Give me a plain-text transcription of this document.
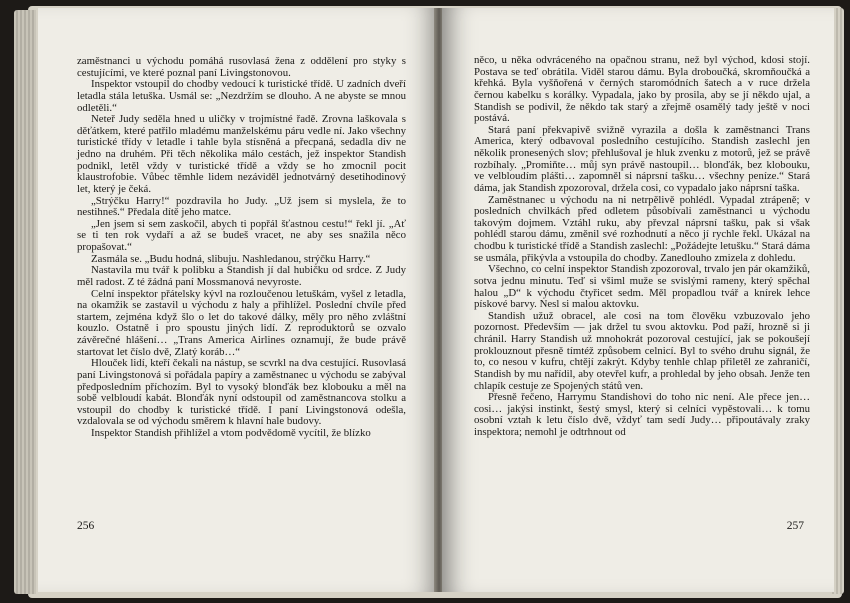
zaměstnanci u východu pomáhá rusovlasá žena z oddělení pro styky s cestujícími, ve které poznal paní Livingstonovou.

Inspektor vstoupil do chodby vedoucí k turistické třídě. U zadních dveří letadla stála letuška. Usmál se: „Nezdržím se dlouho. A ne abyste se mnou odletěli.“

Neteř Judy seděla hned u uličky v trojmístné řadě. Zrovna laškovala s děťátkem, které patřilo mladému manželskému páru vedle ní. Jako všechny turistické třídy v letadle i tahle byla stísněná a přecpaná, sedadla div ne jedno na druhém. Při těch několika málo cestách, jež inspektor Standish podnikl, letěl vždy v turistické třídě a vždy se ho zmocnil pocit klaustrofobie. Vůbec těmhle lidem nezáviděl jednotvárný desetihodinový let, který je čeká.

„Strýčku Harry!“ pozdravila ho Judy. „Už jsem si myslela, že to nestihneš.“ Předala dítě jeho matce.

„Jen jsem si sem zaskočil, abych ti popřál šťastnou cestu!“ řekl jí. „Ať se ti ten rok vydaří a až se budeš vracet, ne aby ses snažila něco propašovat.“

Zasmála se. „Budu hodná, slibuju. Nashledanou, strýčku Harry.“

Nastavila mu tvář k polibku a Standish jí dal hubičku od srdce. Z Judy měl radost. Z té žádná paní Mossmanová nevyroste.

Celní inspektor přátelsky kývl na rozloučenou letuškám, vyšel z letadla, na okamžik se zastavil u východu z haly a přihlížel. Poslední chvíle před startem, zejména když šlo o let do takové dálky, měly pro něho zvláštní kouzlo. Ostatně i pro spoustu jiných lidí. Z reproduktorů se ozvalo závěrečné hlášení… „Trans America Airlines oznamují, že bude právě startovat let číslo dvě, Zlatý koráb…“

Hlouček lidí, kteří čekali na nástup, se scvrkl na dva cestující. Rusovlasá paní Livingstonová si pořádala papíry a zaměstnanec u východu se zabýval předposledním příchozím. Byl to vysoký blonďák bez klobouku a měl na sobě velbloudí kabát. Blonďák nyní odstoupil od zaměstnancova stolku a vstoupil do chodby k turistické třídě. I paní Livingstonová odešla, vzdalovala se od východu směrem k hlavní hale budovy.

Inspektor Standish přihlížel a vtom podvědomě vycítil, že blízko

256

něco, u něka odvráceného na opačnou stranu, než byl východ, kdosi stojí. Postava se teď obrátila. Viděl starou dámu. Byla droboučká, skromňoučká a křehká. Byla vyšňořená v černých staromódních šatech a v ruce držela černou kabelku s korálky. Vypadala, jako by prosila, aby se jí někdo ujal, a Standish se podivil, že někdo tak starý a zřejmě osamělý tady ještě v noci postává.

Stará paní překvapivě svižně vyrazila a došla k zaměstnanci Trans America, který odbavoval posledního cestujícího. Standish zaslechl jen několik pronesených slov; přehlušoval je hluk zvenku z motorů, jež se právě rozbíhaly. „Promiňte… můj syn právě nastoupil… blonďák, bez klobouku, ve velbloudím plášti… zapomněl si náprsní tašku… všechny peníze.“ Stará dáma, jak Standish zpozoroval, držela cosi, co vypadalo jako náprsní taška.

Zaměstnanec u východu na ni netrpělivě pohlédl. Vypadal ztrápeně; v posledních chvilkách před odletem působívali zaměstnanci u východu takovým dojmem. Vztáhl ruku, aby převzal náprsní tašku, pak si však pohlédl starou dámu, změnil své rozhodnutí a něco jí rychle řekl. Ukázal na chodbu k turistické třídě a Standish zaslechl: „Požádejte letušku.“ Stará dáma se usmála, přikývla a vstoupila do chodby. Zanedlouho zmizela z dohledu.

Všechno, co celní inspektor Standish zpozoroval, trvalo jen pár okamžiků, sotva jednu minutu. Teď si všiml muže se svislými rameny, který spěchal halou „D“ k východu čtyřicet sedm. Měl propadlou tvář a knírek lehce pískové barvy. Nesl si malou aktovku.

Standish užuž obracel, ale cosi na tom člověku vzbuzovalo jeho pozornost. Především — jak držel tu svou aktovku. Pod paží, hrozně si ji chránil. Harry Standish už mnohokrát pozoroval cestující, jak se pokoušejí proklouznout přesně tímtéž způsobem celnicí. Byl to svého druhu signál, že to, co nesou v kufru, chtějí zakrýt. Kdyby tenhle chlap přiletěl ze zahraničí, Standish by mu nařídil, aby otevřel kufr, a prohledal by jeho obsah. Jenže ten chlapík cestuje ze Spojených států ven.

Přesně řečeno, Harrymu Standishovi do toho nic není. Ale přece jen… cosi… jakýsi instinkt, šestý smysl, který si celníci vypěstovali… k tomu osobní vztah k letu číslo dvě, vždyť tam sedí Judy… připoutávaly zraky inspektora; nemohl je odtrhnout od

257
